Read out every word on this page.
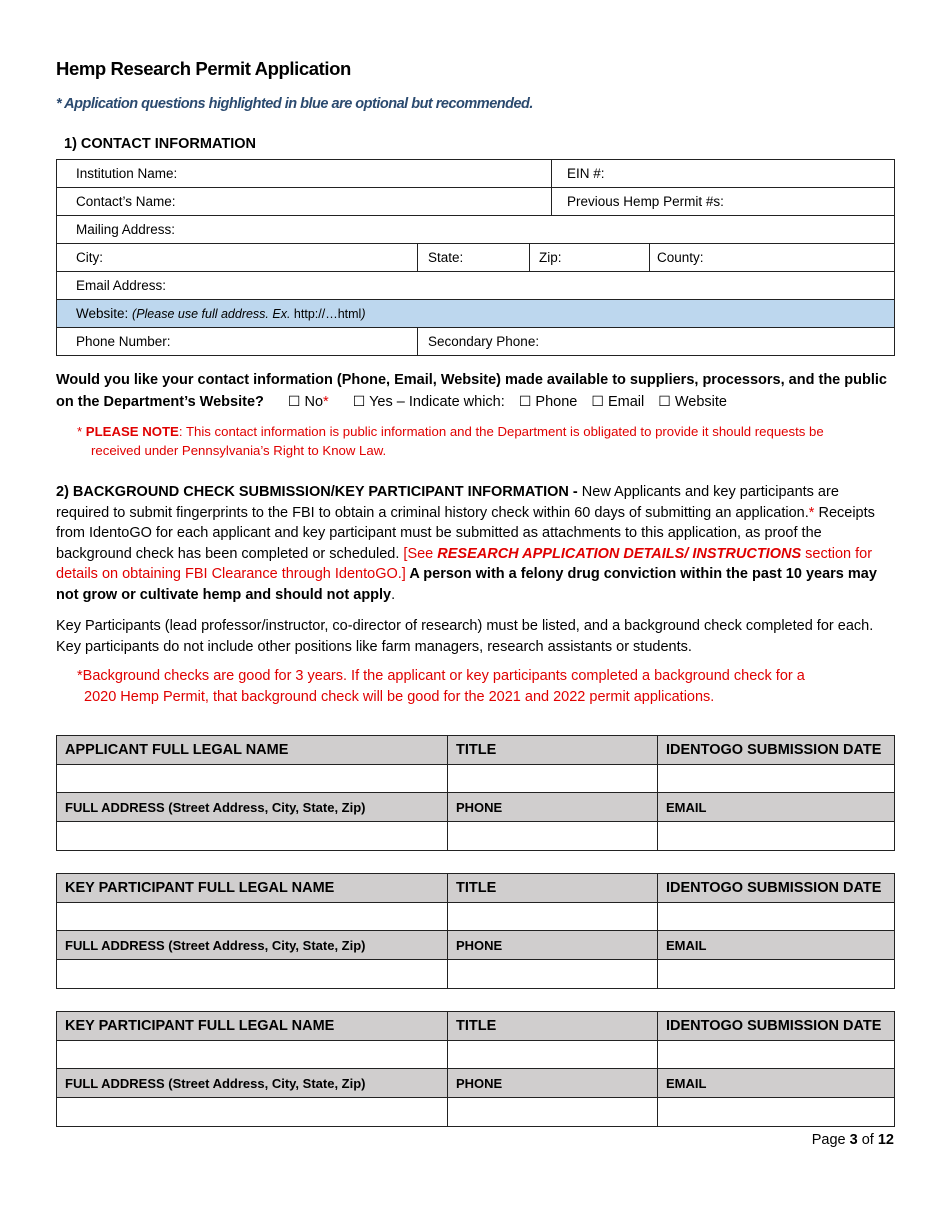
Hemp Research Permit Application
* Application questions highlighted in blue are optional but recommended.
1) CONTACT INFORMATION
Institution Name:			EIN #:	
Contact’s Name:			Previous Hemp Permit #s:	
Mailing Address:				
City:	State:	Zip:		County:
Email Address:				
Website: (Please use full address. Ex. http://…html)				
Phone Number:	Secondary Phone:			
Would you like your contact information (Phone, Email, Website) made available to suppliers, processors, and the public on the Department’s Website? ☐ No* ☐ Yes – Indicate which: ☐ Phone ☐ Email ☐ Website
* PLEASE NOTE: This contact information is public information and the Department is obligated to provide it should requests be
received under Pennsylvania’s Right to Know Law.
2) BACKGROUND CHECK SUBMISSION/KEY PARTICIPANT INFORMATION - New Applicants and key participants are required to submit fingerprints to the FBI to obtain a criminal history check within 60 days of submitting an application.* Receipts from IdentoGO for each applicant and key participant must be submitted as attachments to this application, as proof the background check has been completed or scheduled. [See RESEARCH APPLICATION DETAILS/ INSTRUCTIONS section for details on obtaining FBI Clearance through IdentoGO.] A person with a felony drug conviction within the past 10 years may not grow or cultivate hemp and should not apply.
Key Participants (lead professor/instructor, co-director of research) must be listed, and a background check completed for each. Key participants do not include other positions like farm managers, research assistants or students.
*Background checks are good for 3 years. If the applicant or key participants completed a background check for a
2020 Hemp Permit, that background check will be good for the 2021 and 2022 permit applications.
APPLICANT FULL LEGAL NAME	TITLE	IDENTOGO SUBMISSION DATE

FULL ADDRESS (Street Address, City, State, Zip)	PHONE	EMAIL

KEY PARTICIPANT FULL LEGAL NAME	TITLE	IDENTOGO SUBMISSION DATE

FULL ADDRESS (Street Address, City, State, Zip)	PHONE	EMAIL

KEY PARTICIPANT FULL LEGAL NAME	TITLE	IDENTOGO SUBMISSION DATE

FULL ADDRESS (Street Address, City, State, Zip)	PHONE	EMAIL

Page 3 of 12
